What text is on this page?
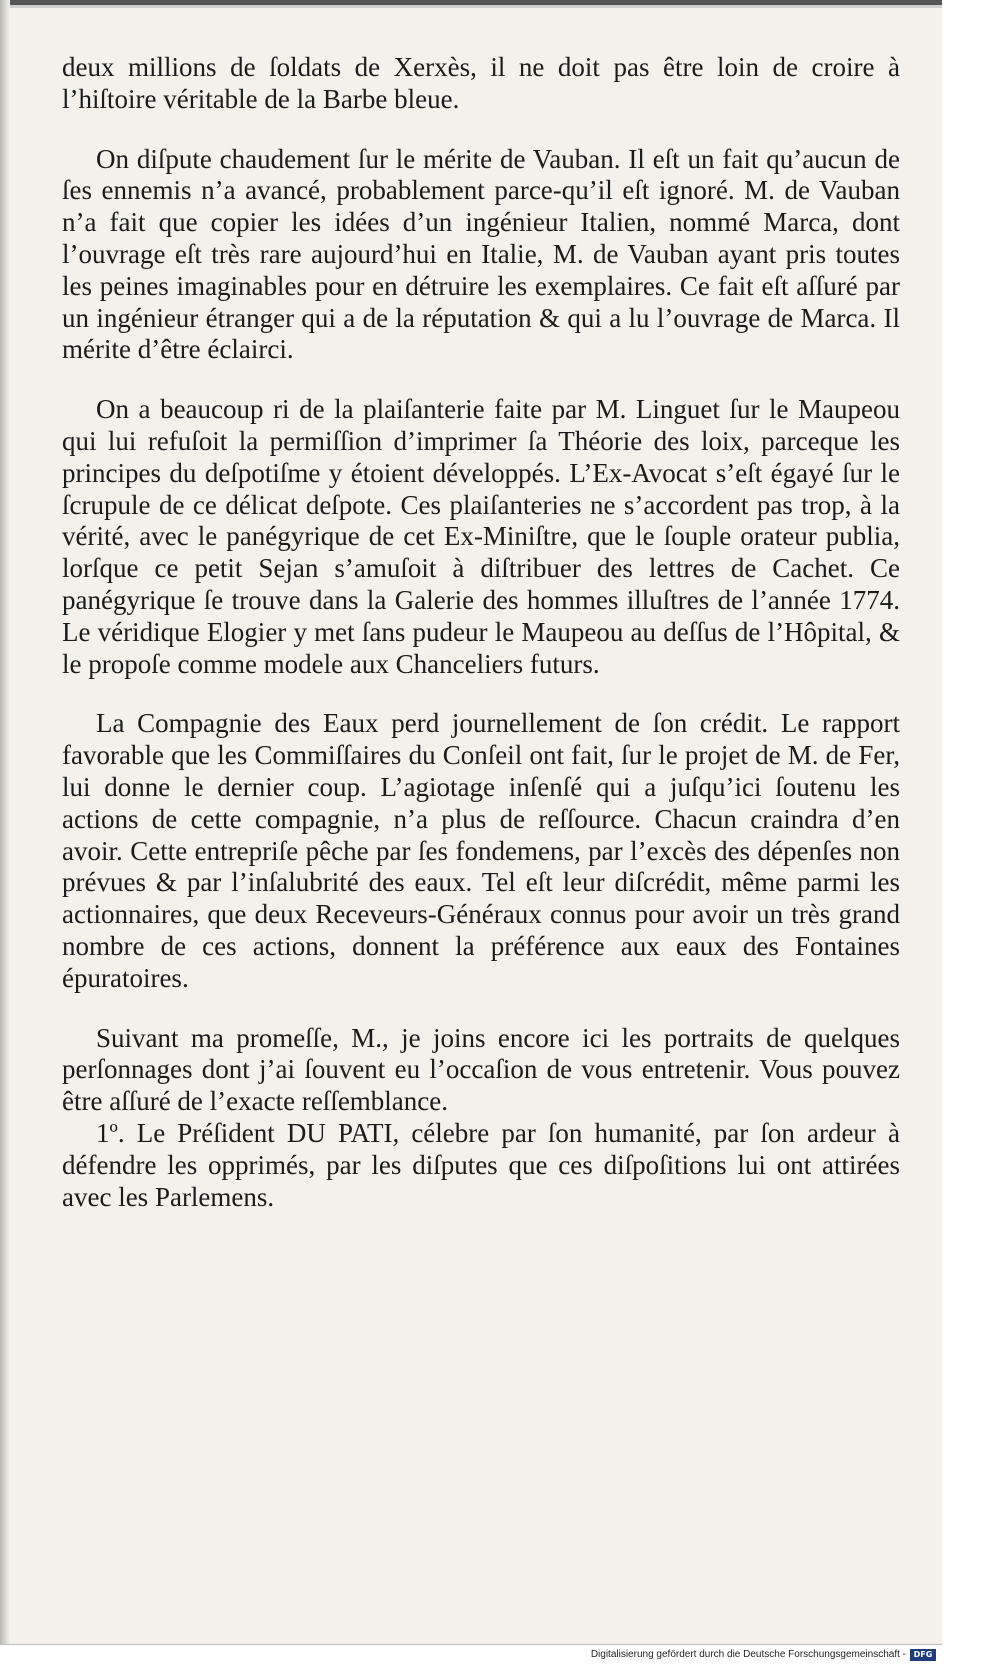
deux millions de ſoldats de Xerxès, il ne doit pas être loin de croire à l’hiſtoire véritable de la Barbe bleue.

On diſpute chaudement ſur le mérite de Vauban. Il eſt un fait qu’aucun de ſes ennemis n’a avancé, probablement parce-qu’il eſt ignoré. M. de Vauban n’a fait que copier les idées d’un ingénieur Italien, nommé Marca, dont l’ouvrage eſt très rare aujourd’hui en Italie, M. de Vauban ayant pris toutes les peines imaginables pour en détruire les exemplaires. Ce fait eſt aſſuré par un ingénieur étranger qui a de la réputation & qui a lu l’ouvrage de Marca. Il mérite d’être éclairci.

On a beaucoup ri de la plaiſanterie faite par M. Linguet ſur le Maupeou qui lui refuſoit la permiſſion d’imprimer ſa Théorie des loix, parceque les principes du deſpotiſme y étoient développés. L’Ex-Avocat s’eſt égayé ſur le ſcrupule de ce délicat deſpote. Ces plaiſanteries ne s’accordent pas trop, à la vérité, avec le panégyrique de cet Ex-Miniſtre, que le ſouple orateur publia, lorſque ce petit Sejan s’amuſoit à diſtribuer des lettres de Cachet. Ce panégyrique ſe trouve dans la Galerie des hommes illuſtres de l’année 1774. Le véridique Elogier y met ſans pudeur le Maupeou au deſſus de l’Hôpital, & le propoſe comme modele aux Chanceliers futurs.

La Compagnie des Eaux perd journellement de ſon crédit. Le rapport favorable que les Commiſſaires du Conſeil ont fait, ſur le projet de M. de Fer, lui donne le dernier coup. L’agiotage inſenſé qui a juſqu’ici ſoutenu les actions de cette compagnie, n’a plus de reſſource. Chacun craindra d’en avoir. Cette entrepriſe pêche par ſes fondemens, par l’excès des dépenſes non prévues & par l’inſalubrité des eaux. Tel eſt leur diſcrédit, même parmi les actionnaires, que deux Receveurs-Généraux connus pour avoir un très grand nombre de ces actions, donnent la préférence aux eaux des Fontaines épuratoires.

Suivant ma promeſſe, M., je joins encore ici les portraits de quelques perſonnages dont j’ai ſouvent eu l’occaſion de vous entretenir. Vous pouvez être aſſuré de l’exacte reſſemblance.

1º. Le Préſident DU PATI, célebre par ſon humanité, par ſon ardeur à défendre les opprimés, par les diſputes que ces diſpoſitions lui ont attirées avec les Parlemens.

Digitalisierung gefördert durch die Deutsche Forschungsgemeinschaft - DFG
